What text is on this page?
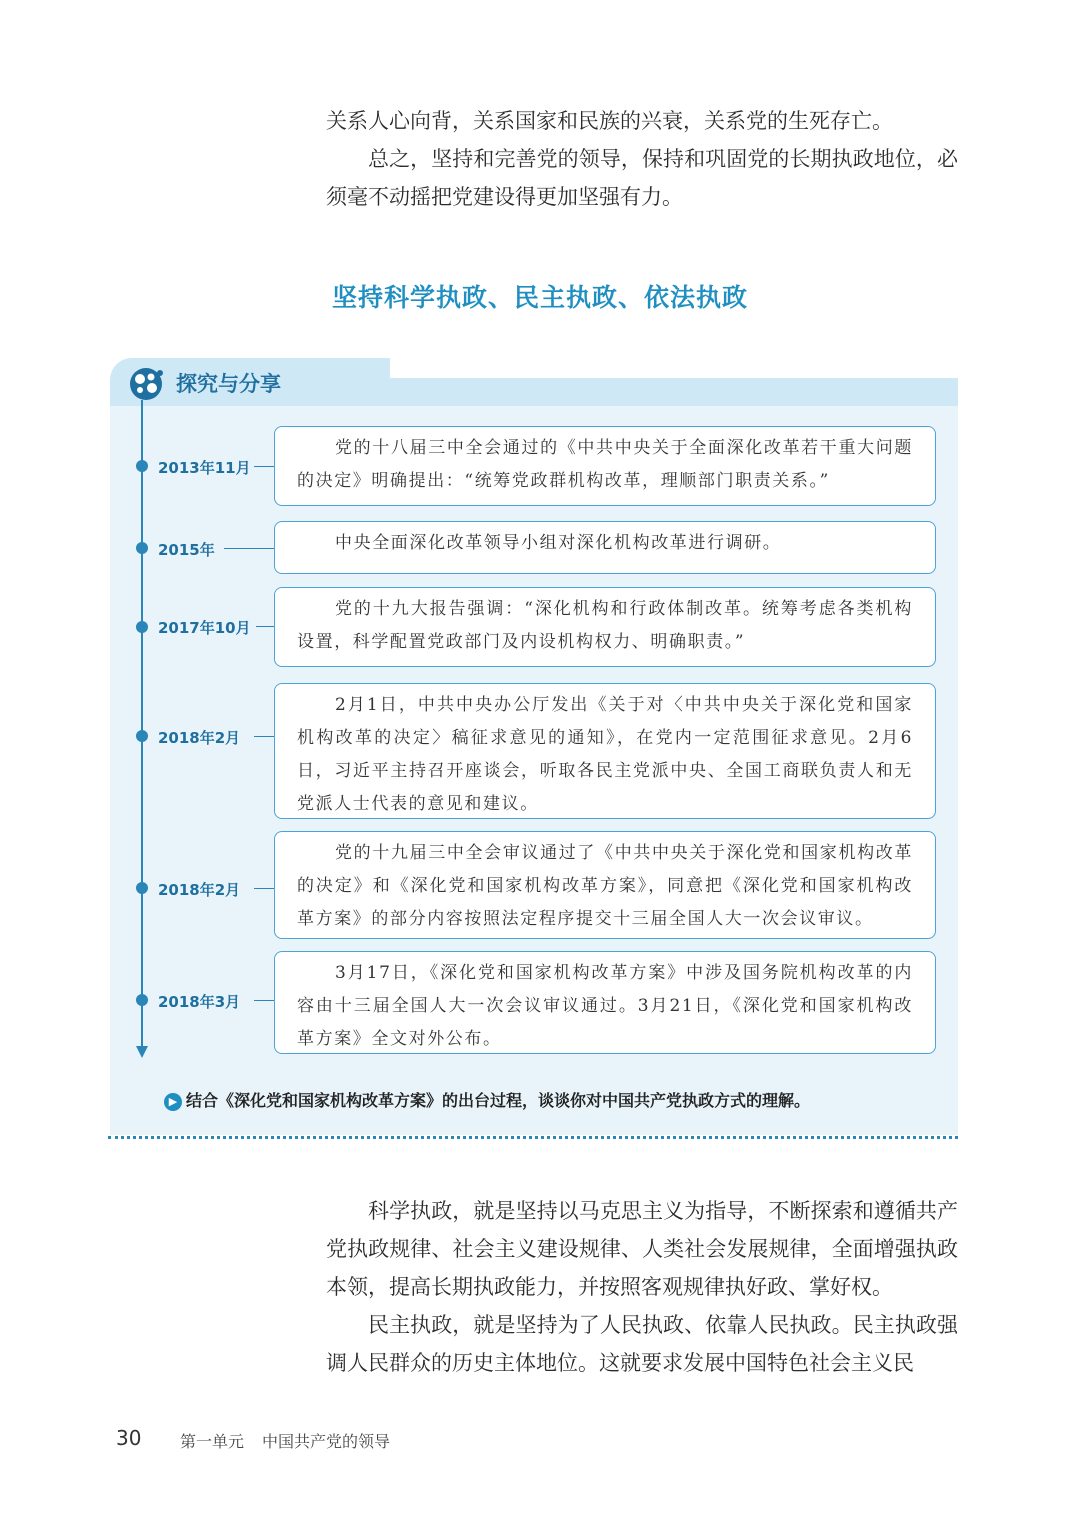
关系人心向背，关系国家和民族的兴衰，关系党的生死存亡。

总之，坚持和完善党的领导，保持和巩固党的长期执政地位，必须毫不动摇把党建设得更加坚强有力。

坚持科学执政、民主执政、依法执政
探究与分享
2013年11月
党的十八届三中全会通过的《中共中央关于全面深化改革若干重大问题的决定》明确提出：“统筹党政群机构改革，理顺部门职责关系。”
2015年	中央全面深化改革领导小组对深化机构改革进行调研。
2017年10月
党的十九大报告强调：“深化机构和行政体制改革。统筹考虑各类机构设置，科学配置党政部门及内设机构权力、明确职责。”
2018年2月
2月1日，中共中央办公厅发出《关于对〈中共中央关于深化党和国家机构改革的决定〉稿征求意见的通知》，在党内一定范围征求意见。2月6日，习近平主持召开座谈会，听取各民主党派中央、全国工商联负责人和无党派人士代表的意见和建议。
2018年2月
党的十九届三中全会审议通过了《中共中央关于深化党和国家机构改革的决定》和《深化党和国家机构改革方案》，同意把《深化党和国家机构改革方案》的部分内容按照法定程序提交十三届全国人大一次会议审议。
2018年3月
3月17日，《深化党和国家机构改革方案》中涉及国务院机构改革的内容由十三届全国人大一次会议审议通过。3月21日，《深化党和国家机构改革方案》全文对外公布。
▶ 结合《深化党和国家机构改革方案》的出台过程，谈谈你对中国共产党执政方式的理解。

科学执政，就是坚持以马克思主义为指导，不断探索和遵循共产党执政规律、社会主义建设规律、人类社会发展规律，全面增强执政本领，提高长期执政能力，并按照客观规律执好政、掌好权。

民主执政，就是坚持为了人民执政、依靠人民执政。民主执政强调人民群众的历史主体地位。这就要求发展中国特色社会主义民

30 第一单元 中国共产党的领导
